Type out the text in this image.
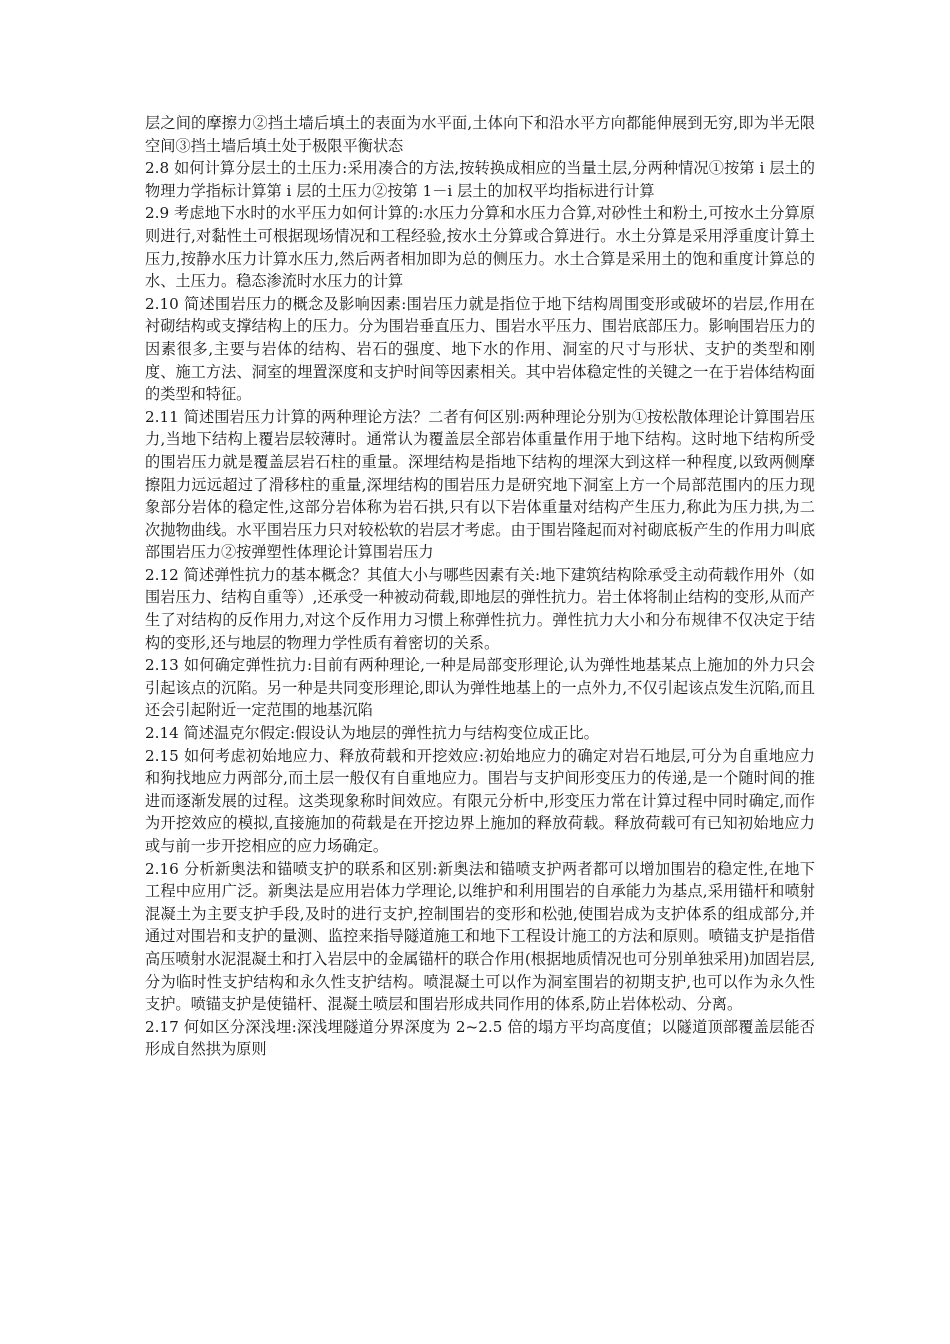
层之间的摩擦力②挡土墙后填土的表面为水平面,土体向下和沿水平方向都能伸展到无穷,即为半无限空间③挡土墙后填土处于极限平衡状态

2.8 如何计算分层土的土压力:采用凑合的方法,按转换成相应的当量土层,分两种情况①按第 i 层土的物理力学指标计算第 i 层的土压力②按第 1－i 层土的加权平均指标进行计算

2.9 考虑地下水时的水平压力如何计算的:水压力分算和水压力合算,对砂性土和粉土,可按水土分算原则进行,对黏性土可根据现场情况和工程经验,按水土分算或合算进行。水土分算是采用浮重度计算土压力,按静水压力计算水压力,然后两者相加即为总的侧压力。水土合算是采用土的饱和重度计算总的水、土压力。稳态渗流时水压力的计算

2.10 简述围岩压力的概念及影响因素:围岩压力就是指位于地下结构周围变形或破坏的岩层,作用在衬砌结构或支撑结构上的压力。分为围岩垂直压力、围岩水平压力、围岩底部压力。影响围岩压力的因素很多,主要与岩体的结构、岩石的强度、地下水的作用、洞室的尺寸与形状、支护的类型和刚度、施工方法、洞室的埋置深度和支护时间等因素相关。其中岩体稳定性的关键之一在于岩体结构面的类型和特征。

2.11 简述围岩压力计算的两种理论方法？二者有何区别:两种理论分别为①按松散体理论计算围岩压力,当地下结构上覆岩层较薄时。通常认为覆盖层全部岩体重量作用于地下结构。这时地下结构所受的围岩压力就是覆盖层岩石柱的重量。深埋结构是指地下结构的埋深大到这样一种程度,以致两侧摩擦阻力远远超过了滑移柱的重量,深埋结构的围岩压力是研究地下洞室上方一个局部范围内的压力现象部分岩体的稳定性,这部分岩体称为岩石拱,只有以下岩体重量对结构产生压力,称此为压力拱,为二次抛物曲线。水平围岩压力只对较松软的岩层才考虑。由于围岩隆起而对衬砌底板产生的作用力叫底部围岩压力②按弹塑性体理论计算围岩压力

2.12 简述弹性抗力的基本概念？其值大小与哪些因素有关:地下建筑结构除承受主动荷载作用外（如围岩压力、结构自重等）,还承受一种被动荷载,即地层的弹性抗力。岩土体将制止结构的变形,从而产生了对结构的反作用力,对这个反作用力习惯上称弹性抗力。弹性抗力大小和分布规律不仅决定于结构的变形,还与地层的物理力学性质有着密切的关系。

2.13 如何确定弹性抗力:目前有两种理论,一种是局部变形理论,认为弹性地基某点上施加的外力只会引起该点的沉陷。另一种是共同变形理论,即认为弹性地基上的一点外力,不仅引起该点发生沉陷,而且还会引起附近一定范围的地基沉陷

2.14 简述温克尔假定:假设认为地层的弹性抗力与结构变位成正比。

2.15 如何考虑初始地应力、释放荷载和开挖效应:初始地应力的确定对岩石地层,可分为自重地应力和狗找地应力两部分,而土层一般仅有自重地应力。围岩与支护间形变压力的传递,是一个随时间的推进而逐渐发展的过程。这类现象称时间效应。有限元分析中,形变压力常在计算过程中同时确定,而作为开挖效应的模拟,直接施加的荷载是在开挖边界上施加的释放荷载。释放荷载可有已知初始地应力或与前一步开挖相应的应力场确定。

2.16 分析新奥法和锚喷支护的联系和区别:新奥法和锚喷支护两者都可以增加围岩的稳定性,在地下工程中应用广泛。新奥法是应用岩体力学理论,以维护和利用围岩的自承能力为基点,采用锚杆和喷射混凝土为主要支护手段,及时的进行支护,控制围岩的变形和松弛,使围岩成为支护体系的组成部分,并通过对围岩和支护的量测、监控来指导隧道施工和地下工程设计施工的方法和原则。喷锚支护是指借高压喷射水泥混凝土和打入岩层中的金属锚杆的联合作用(根据地质情况也可分别单独采用)加固岩层,分为临时性支护结构和永久性支护结构。喷混凝土可以作为洞室围岩的初期支护,也可以作为永久性支护。喷锚支护是使锚杆、混凝土喷层和围岩形成共同作用的体系,防止岩体松动、分离。

2.17 何如区分深浅埋:深浅埋隧道分界深度为 2~2.5 倍的塌方平均高度值；以隧道顶部覆盖层能否形成自然拱为原则
